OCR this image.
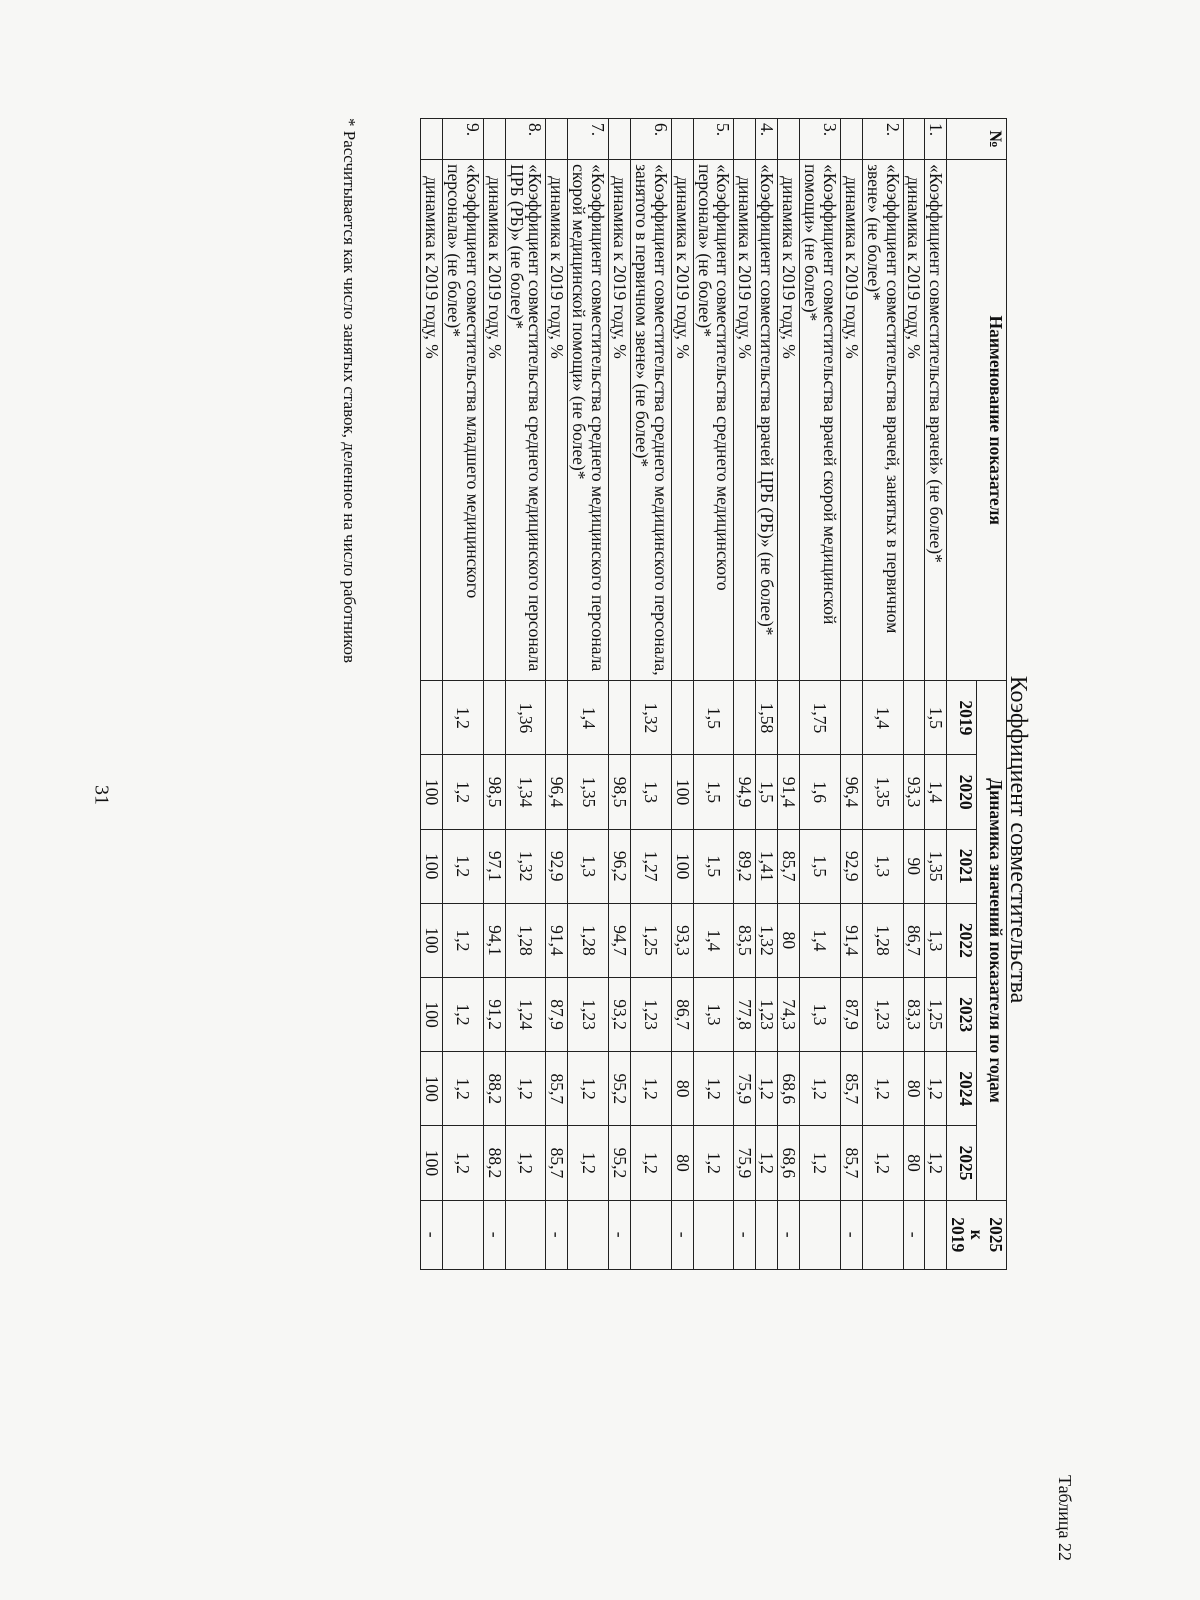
31
Таблица 22
Коэффициент совместительства
№	Наименование показателя	Динамика значений показателя по годам							2025
к
2019	

		2019	2020	2021	2022	2023	2024	2025		
1.	«Коэффициент совместительства врачей» (не более)*	1,5	1,4	1,35	1,3	1,25	1,2	1,2		
	динамика к 2019 году, %		93,3	90	86,7	83,3	80	80	-	
2.	«Коэффициент совместительства врачей, занятых в первичном звене» (не более)*	1,4	1,35	1,3	1,28	1,23	1,2	1,2		
	динамика к 2019 году, %		96,4	92,9	91,4	87,9	85,7	85,7	-	
3.	«Коэффициент совместительства врачей скорой медицинской помощи» (не более)*	1,75	1,6	1,5	1,4	1,3	1,2	1,2		
	динамика к 2019 году, %		91,4	85,7	80	74,3	68,6	68,6	-	
4.	«Коэффициент совместительства врачей ЦРБ (РБ)» (не более)*	1,58	1,5	1,41	1,32	1,23	1,2	1,2		
	динамика к 2019 году, %		94,9	89,2	83,5	77,8	75,9	75,9	-	
5.	«Коэффициент совместительства среднего медицинского персонала» (не более)*	1,5	1,5	1,5	1,4	1,3	1,2	1,2		
	динамика к 2019 году, %		100	100	93,3	86,7	80	80	-	
6.	«Коэффициент совместительства среднего медицинского персонала, занятого в первичном звене» (не более)*	1,32	1,3	1,27	1,25	1,23	1,2	1,2		
	динамика к 2019 году, %		98,5	96,2	94,7	93,2	95,2	95,2	-	
7.	«Коэффициент совместительства среднего медицинского персонала скорой медицинской помощи» (не более)*	1,4	1,35	1,3	1,28	1,23	1,2	1,2		
	динамика к 2019 году, %		96,4	92,9	91,4	87,9	85,7	85,7	-	
8.	«Коэффициент совместительства среднего медицинского персонала ЦРБ (РБ)» (не более)*	1,36	1,34	1,32	1,28	1,24	1,2	1,2		
	динамика к 2019 году, %		98,5	97,1	94,1	91,2	88,2	88,2	-	
9.	«Коэффициент совместительства младшего медицинского персонала» (не более)*	1,2	1,2	1,2	1,2	1,2	1,2	1,2		
	динамика к 2019 году, %		100	100	100	100	100	100	-	
* Рассчитывается как число занятых ставок, деленное на число работников
